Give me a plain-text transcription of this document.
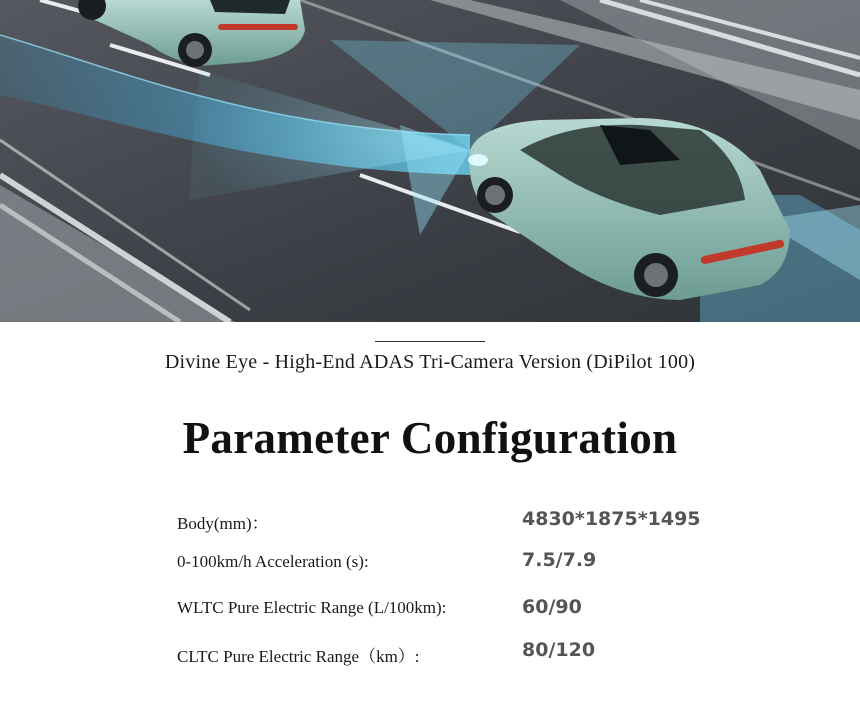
Divine Eye - High-End ADAS Tri-Camera Version (DiPilot 100)
Parameter Configuration
Body(mm)：	4830*1875*1495
0-100km/h Acceleration (s):	7.5/7.9
WLTC Pure Electric Range (L/100km):	60/90
CLTC Pure Electric Range（km）:	80/120
